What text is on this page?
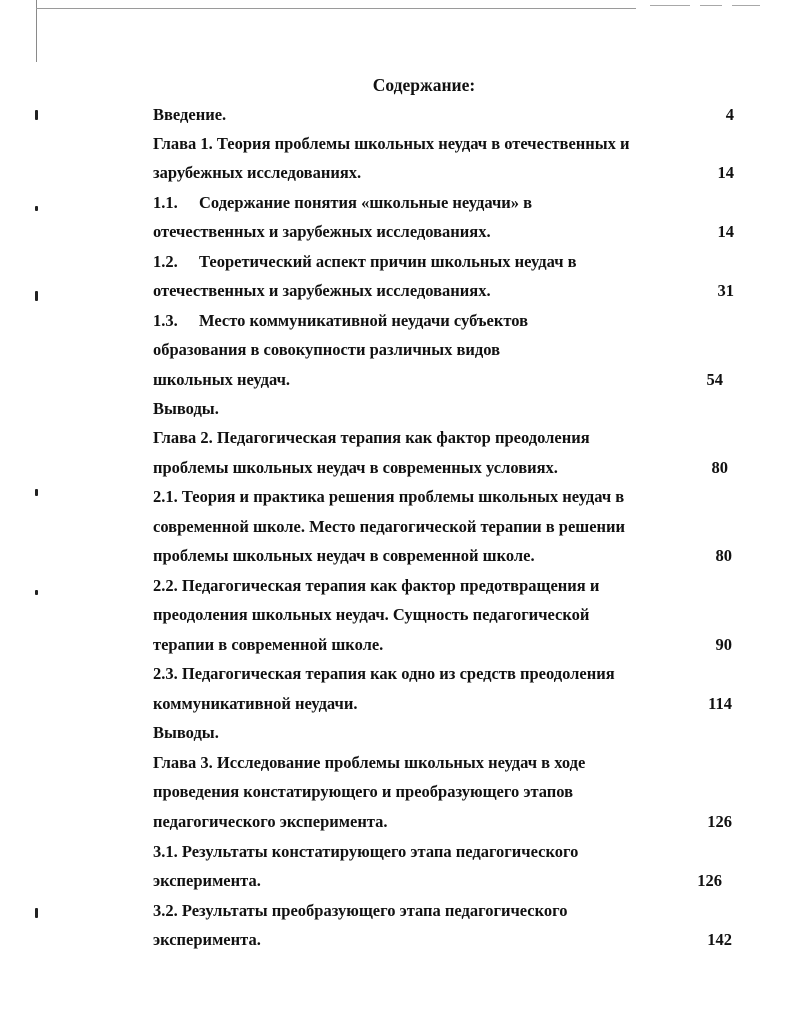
Содержание:
Введение.	4
Глава 1. Теория проблемы школьных неудач в отечественных и
зарубежных исследованиях.	14
1.1. Содержание понятия «школьные неудачи» в
отечественных и зарубежных исследованиях.	14
1.2. Теоретический аспект причин школьных неудач в
отечественных и зарубежных исследованиях.	31
1.3. Место коммуникативной неудачи субъектов
образования в совокупности различных видов
школьных неудач.	54
Выводы.
Глава 2. Педагогическая терапия как фактор преодоления
проблемы школьных неудач в современных условиях.	80
2.1. Теория и практика решения проблемы школьных неудач в
современной школе. Место педагогической терапии в решении
проблемы школьных неудач в современной школе.	80
2.2. Педагогическая терапия как фактор предотвращения и
преодоления школьных неудач. Сущность педагогической
терапии в современной школе.	90
2.3. Педагогическая терапия как одно из средств преодоления
коммуникативной неудачи.	114
Выводы.
Глава 3. Исследование проблемы школьных неудач в ходе
проведения констатирующего и преобразующего этапов
педагогического эксперимента.	126
3.1. Результаты констатирующего этапа педагогического
эксперимента.	126
3.2. Результаты преобразующего этапа педагогического
эксперимента.	142
